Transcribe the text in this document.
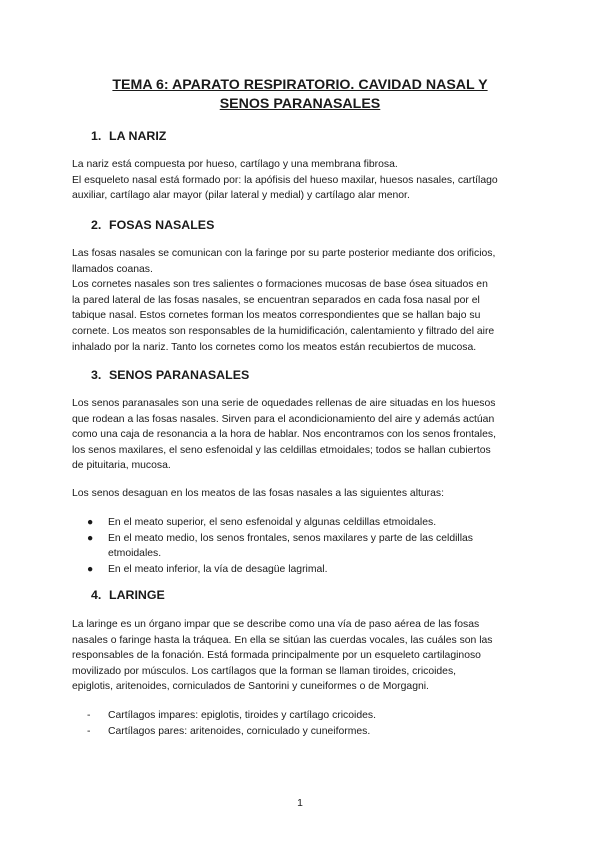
TEMA 6: APARATO RESPIRATORIO. CAVIDAD NASAL Y
SENOS PARANASALES
1. LA NARIZ

La nariz está compuesta por hueso, cartílago y una membrana fibrosa.
El esqueleto nasal está formado por: la apófisis del hueso maxilar, huesos nasales, cartílago
auxiliar, cartílago alar mayor (pilar lateral y medial) y cartílago alar menor.

2. FOSAS NASALES

Las fosas nasales se comunican con la faringe por su parte posterior mediante dos orificios,
llamados coanas.
Los cornetes nasales son tres salientes o formaciones mucosas de base ósea situados en
la pared lateral de las fosas nasales, se encuentran separados en cada fosa nasal por el
tabique nasal. Estos cornetes forman los meatos correspondientes que se hallan bajo su
cornete. Los meatos son responsables de la humidificación, calentamiento y filtrado del aire
inhalado por la nariz. Tanto los cornetes como los meatos están recubiertos de mucosa.

3. SENOS PARANASALES

Los senos paranasales son una serie de oquedades rellenas de aire situadas en los huesos
que rodean a las fosas nasales. Sirven para el acondicionamiento del aire y además actúan
como una caja de resonancia a la hora de hablar. Nos encontramos con los senos frontales,
los senos maxilares, el seno esfenoidal y las celdillas etmoidales; todos se hallan cubiertos
de pituitaria, mucosa.

Los senos desaguan en los meatos de las fosas nasales a las siguientes alturas:

● En el meato superior, el seno esfenoidal y algunas celdillas etmoidales.
● En el meato medio, los senos frontales, senos maxilares y parte de las celdillas
etmoidales.
● En el meato inferior, la vía de desagüe lagrimal.
4. LARINGE

La laringe es un órgano impar que se describe como una vía de paso aérea de las fosas
nasales o faringe hasta la tráquea. En ella se sitúan las cuerdas vocales, las cuáles son las
responsables de la fonación. Está formada principalmente por un esqueleto cartilaginoso
movilizado por músculos. Los cartílagos que la forman se llaman tiroides, cricoides,
epiglotis, aritenoides, corniculados de Santorini y cuneiformes o de Morgagni.

- Cartílagos impares: epiglotis, tiroides y cartílago cricoides.
- Cartílagos pares: aritenoides, corniculado y cuneiformes.

1
